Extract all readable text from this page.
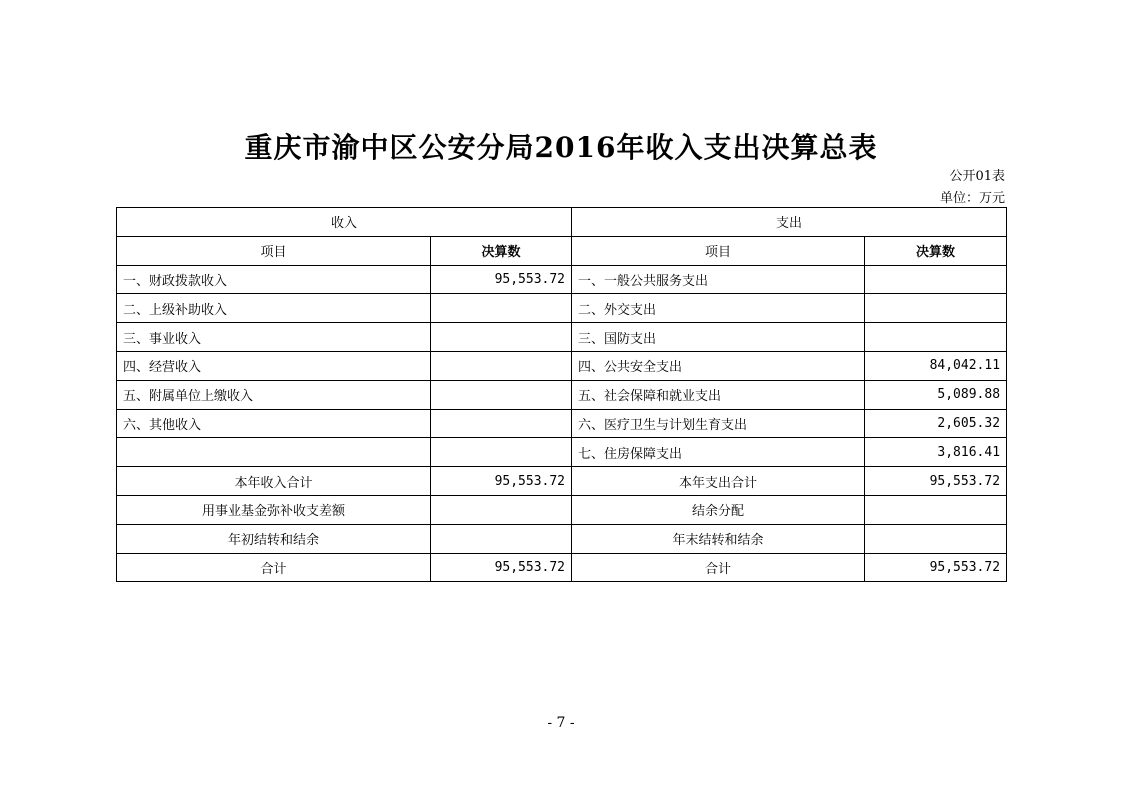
重庆市渝中区公安分局2016年收入支出决算总表
公开01表
单位：万元
收入		支出	
项目	决算数	项目	决算数
一、财政拨款收入	95,553.72	一、一般公共服务支出	
二、上级补助收入		二、外交支出	
三、事业收入		三、国防支出	
四、经营收入		四、公共安全支出	84,042.11
五、附属单位上缴收入		五、社会保障和就业支出	5,089.88
六、其他收入		六、医疗卫生与计划生育支出	2,605.32
		七、住房保障支出	3,816.41
本年收入合计	95,553.72	本年支出合计	95,553.72
用事业基金弥补收支差额		结余分配	
年初结转和结余		年末结转和结余	
合计	95,553.72	合计	95,553.72
- 7 -
